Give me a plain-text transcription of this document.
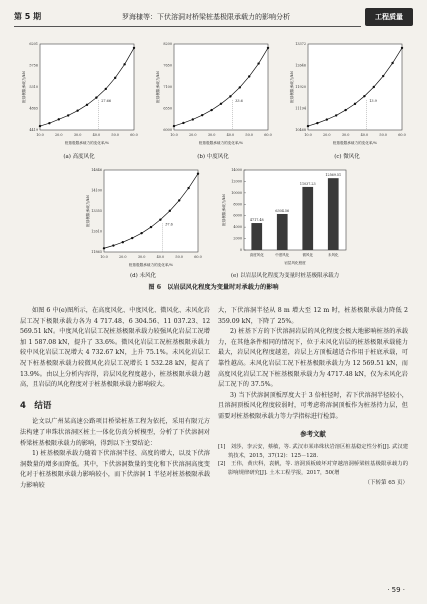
第 5 期	罗海棣等：下伏溶洞对桥梁桩基极限承载力的影响分析	工程质量
10.0	20.0	30.0	40.0	50.0	60.0
4419
4865
5310
5756
6201
桩基极限承载力的变化率/%
桩基极限承载力/kN	27.66
(a) 高度风化
10.0	20.0	30.0	40.0	50.0	60.0
6000
6550
7100
7650
8200
桩基极限承载力的变化率/%
桩基极限承载力/kN	33.6
(b) 中度风化
10.0	20.0	30.0	40.0	50.0	60.0
10468
11194
11920
12646
13372
桩基极限承载力的变化率/%
桩基极限承载力/kN	13.9
(c) 微风化
10.0	20.0	30.0	40.0	50.0	60.0
11865
12610
13355
14100
14846
桩基极限承载力的变化率/%
桩基极限承载力/kN	37.6
(d) 未风化
0
2000
4000
6000
8000
10000
12000
14000
4717.48
高度风化
6304.56
中度风化
11037.23
微风化
12569.51
未风化
岩层风化程度
桩基极限承载力/kN
(e) 以岩层风化程度为变量时桩基极限承载力
图 6　以岩层风化程度为变量时对承载力的影响

如图 6 中(e)图所示，在高度风化、中度风化、微风化、未风化岩层工况下极限承载力各为 4 717.48、6 304.56、11 037.23、12 569.51 kN。中度风化岩层工况桩基极限承载力较强风化岩层工况增加 1 587.08 kN，提升了 33.6%。微风化岩层工况桩基极限承载力较中风化岩层工况增大 4 732.67 kN，上升 75.1%。未风化岩层工况下桩基极限承载力较微风化岩层工况增长 1 532.28 kN，提高了 13.9%。由以上分析内容得，岩层风化程度越小，桩基极限承载力越高，且岩层的风化程度对于桩基极限承载力影响较大。

4　结语

论文以广州某高速公路项目桥梁桩基工程为依托，采用有限元方法构建了串珠状溶洞区桩土一体化仿真分析模型，分析了下伏溶洞对桥梁桩基极限承载力的影响，得到以下主要结论：

1) 桩基极限承载力随着下伏溶洞半径、高度的增大，以及下伏溶洞数量的增多而降低。其中，下伏溶洞数量的变化和下伏溶洞高度变化对于桩基极限承载力影响较小，而下伏溶洞 1 半径对桩基极限承载力影响较

大，下伏溶洞半径从 8 m 增大至 12 m 时，桩基极限承载力降低 2 359.09 kN，下降了 25%。

2) 桩基下方的下伏溶洞岩层的风化程度会极大地影响桩基的承载力，在其他条件相同的情况下，位于未风化岩层的桩基极限承载能力最大，岩层风化程度越差，岩层上方顶板越适合作用于桩底承载，可靠性越高。未风化岩层工况下桩基极限承载力为 12 569.51 kN，而高度风化岩层工况下桩基极限承载力为 4717.48 kN，仅为未风化岩层工况下的 37.5%。

3) 当下伏溶洞顶板厚度大于 3 倍桩径时，若下伏溶洞半径较小，且溶洞顶板风化程度较弱时，可考虑将溶洞顶板作为桩基持力层，但需要对桩基极限承载力等力学指标进行检算。

参考文献
[1]　刘莎，李云安，蔡敏，等. 武汉市某串珠状岩溶区桩基稳定性分析[J]. 武汉建筑技术，2015，37(12)：125－128.
[2]　王伟，黄庆科，袁帆，等. 溶洞顶板破坏对穿越溶洞桥梁桩基极限承载力的影响规律研究[J]. 土木工程学报，2017，50(增
（下转第 65 页）
· 59 ·
